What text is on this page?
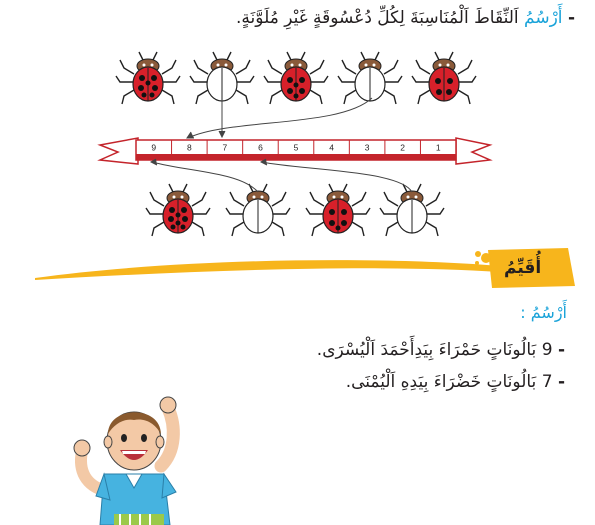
- أَرْسُمُ اَلنِّقَاطَ اَلْمُنَاسِبَةَ لِكُلِّ دُعْسُوقَةٍ غَيْرِ مُلَوَّنَةٍ.
9	8	7	6	5	4	3	2	1
أُقَيِّمُ
أَرْسُمُ :
- 9 بَالُونَاتٍ حَمْرَاءَ بِيَدِأَحْمَدَ اَلْيُسْرَى.
- 7 بَالُونَاتٍ خَضْرَاءَ بِيَدِهِ اَلْيُمْنَى.
